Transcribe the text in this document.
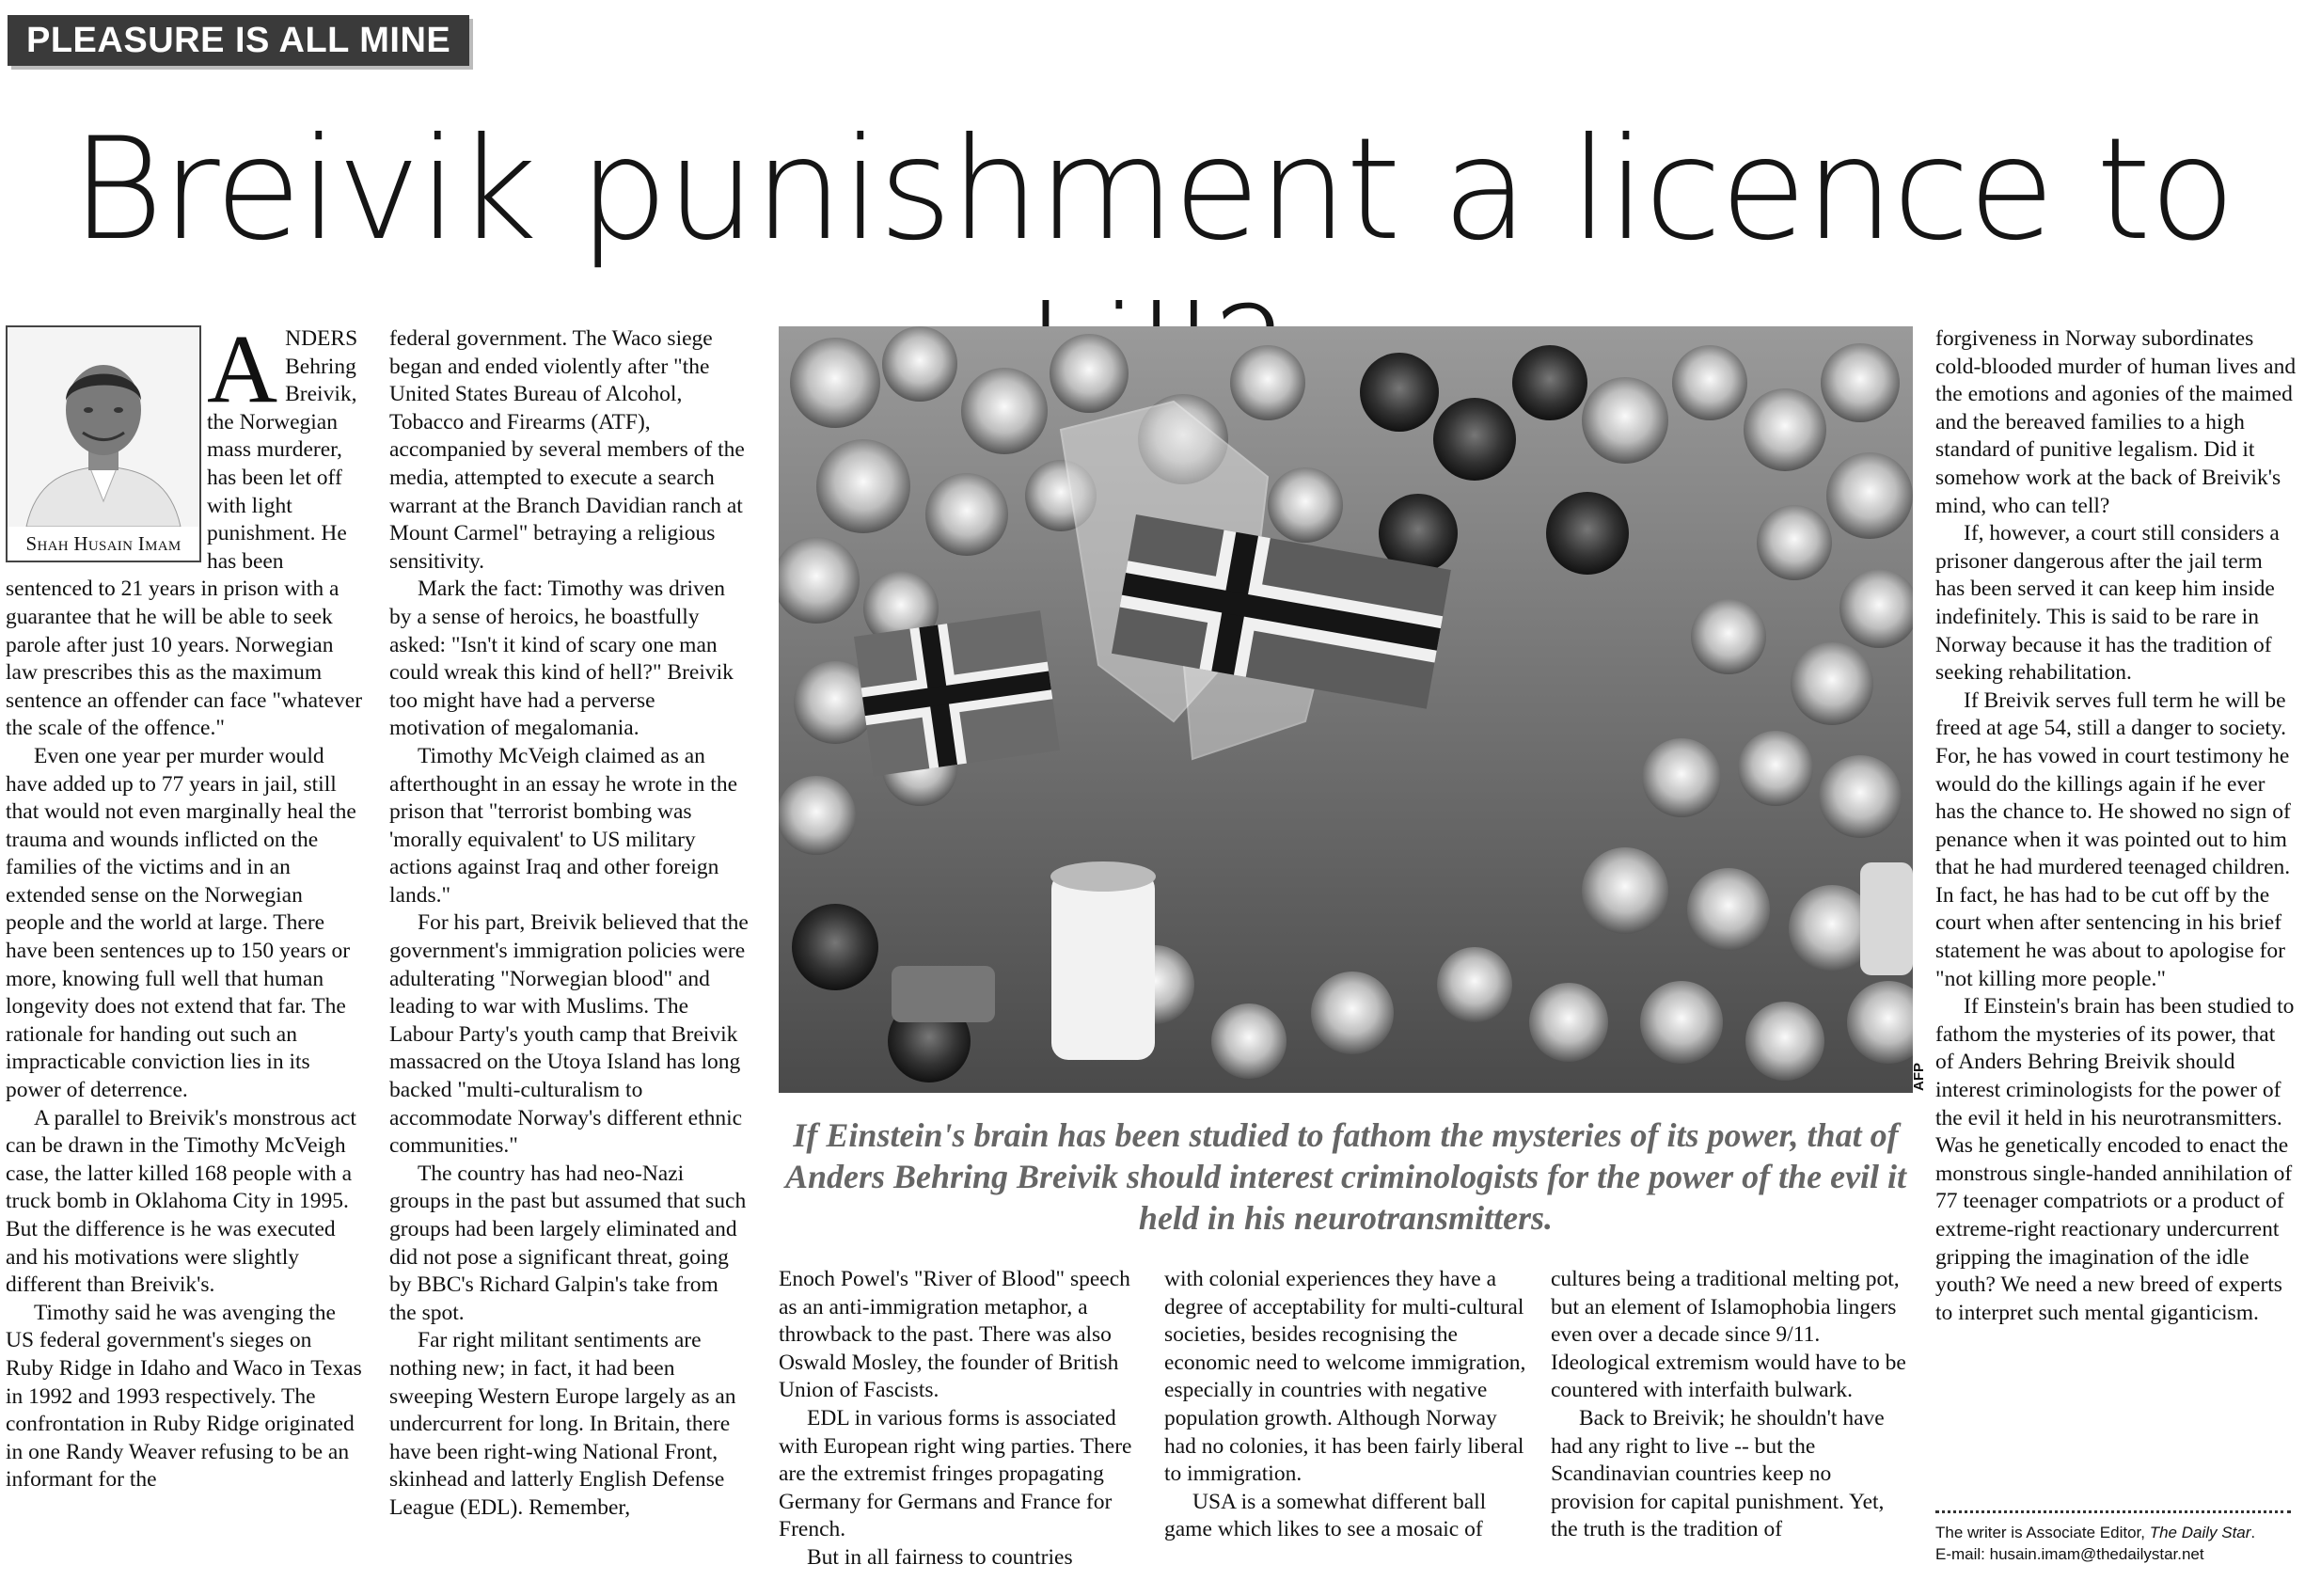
PLEASURE IS ALL MINE
Breivik punishment a licence to
Shah Husain Imam

ANDERS Behring Breivik, the Norwegian mass murderer, has been let off with light punishment. He has been sentenced to 21 years in prison with a guarantee that he will be able to seek parole after just 10 years. Norwegian law prescribes this as the maximum sentence an offender can face "whatever the scale of the offence."

Even one year per murder would have added up to 77 years in jail, still that would not even marginally heal the trauma and wounds inflicted on the families of the victims and in an extended sense on the Norwegian people and the world at large. There have been sentences up to 150 years or more, knowing full well that human longevity does not extend that far. The rationale for handing out such an impracticable conviction lies in its power of deterrence.

A parallel to Breivik's monstrous act can be drawn in the Timothy McVeigh case, the latter killed 168 people with a truck bomb in Oklahoma City in 1995. But the difference is he was executed and his motivations were slightly different than Breivik's.

Timothy said he was avenging the US federal government's sieges on Ruby Ridge in Idaho and Waco in Texas in 1992 and 1993 respectively. The confrontation in Ruby Ridge originated in one Randy Weaver refusing to be an informant for the

federal government. The Waco siege began and ended violently after "the United States Bureau of Alcohol, Tobacco and Firearms (ATF), accompanied by several members of the media, attempted to execute a search warrant at the Branch Davidian ranch at Mount Carmel" betraying a religious sensitivity.

Mark the fact: Timothy was driven by a sense of heroics, he boastfully asked: "Isn't it kind of scary one man could wreak this kind of hell?" Breivik too might have had a perverse motivation of megalomania.

Timothy McVeigh claimed as an afterthought in an essay he wrote in the prison that "terrorist bombing was 'morally equivalent' to US military actions against Iraq and other foreign lands."

For his part, Breivik believed that the government's immigration policies were adulterating "Norwegian blood" and leading to war with Muslims. The Labour Party's youth camp that Breivik massacred on the Utoya Island has long backed "multi-culturalism to accommodate Norway's different ethnic communities."

The country has had neo-Nazi groups in the past but assumed that such groups had been largely eliminated and did not pose a significant threat, going by BBC's Richard Galpin's take from the spot.

Far right militant sentiments are nothing new; in fact, it had been sweeping Western Europe largely as an undercurrent for long. In Britain, there have been right-wing National Front, skinhead and latterly English Defense League (EDL). Remember,

AFP
If Einstein's brain has been studied to fathom the mysteries of its power, that of Anders Behring Breivik should interest criminologists for the power of the evil it held in his neurotransmitters.

Enoch Powel's "River of Blood" speech as an anti-immigration metaphor, a throwback to the past. There was also Oswald Mosley, the founder of British Union of Fascists.

EDL in various forms is associated with European right wing parties. There are the extremist fringes propagating Germany for Germans and France for French.

But in all fairness to countries

with colonial experiences they have a degree of acceptability for multi-cultural societies, besides recognising the economic need to welcome immigration, especially in countries with negative population growth. Although Norway had no colonies, it has been fairly liberal to immigration.

USA is a somewhat different ball game which likes to see a mosaic of

cultures being a traditional melting pot, but an element of Islamophobia lingers even over a decade since 9/11. Ideological extremism would have to be countered with interfaith bulwark.

Back to Breivik; he shouldn't have had any right to live -- but the Scandinavian countries keep no provision for capital punishment. Yet, the truth is the tradition of

forgiveness in Norway subordinates cold-blooded murder of human lives and the emotions and agonies of the maimed and the bereaved families to a high standard of punitive legalism. Did it somehow work at the back of Breivik's mind, who can tell?

If, however, a court still considers a prisoner dangerous after the jail term has been served it can keep him inside indefinitely. This is said to be rare in Norway because it has the tradition of seeking rehabilitation.

If Breivik serves full term he will be freed at age 54, still a danger to society. For, he has vowed in court testimony he would do the killings again if he ever has the chance to. He showed no sign of penance when it was pointed out to him that he had murdered teenaged children. In fact, he has had to be cut off by the court when after sentencing in his brief statement he was about to apologise for "not killing more people."

If Einstein's brain has been studied to fathom the mysteries of its power, that of Anders Behring Breivik should interest criminologists for the power of the evil it held in his neurotransmitters. Was he genetically encoded to enact the monstrous single-handed annihilation of 77 teenager compatriots or a product of extreme-right reactionary undercurrent gripping the imagination of the idle youth? We need a new breed of experts to interpret such mental giganticism.

The writer is Associate Editor, The Daily Star.
E-mail: husain.imam@thedailystar.net
